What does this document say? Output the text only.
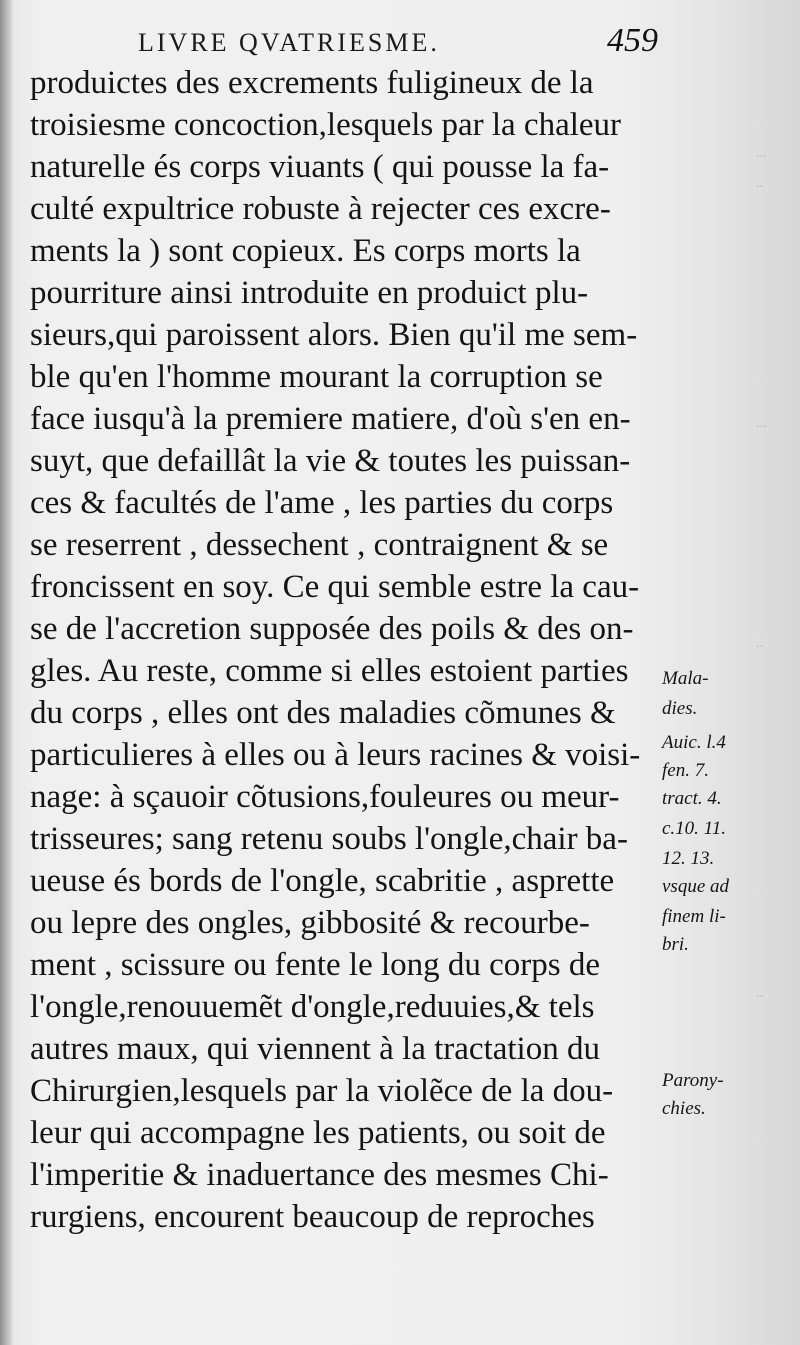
···
··
···
··
··
LIVRE QVATRIESME.	459
produictes des excrements fuligineux de la
troisiesme concoction,lesquels par la chaleur
naturelle és corps viuants ( qui pousse la fa-
culté expultrice robuste à rejecter ces excre-
ments la ) sont copieux. Es corps morts la
pourriture ainsi introduite en produict plu-
sieurs,qui paroissent alors. Bien qu'il me sem-
ble qu'en l'homme mourant la corruption se
face iusqu'à la premiere matiere, d'où s'en en-
suyt, que defaillât la vie & toutes les puissan-
ces & facultés de l'ame , les parties du corps
se reserrent , dessechent , contraignent & se
froncissent en soy. Ce qui semble estre la cau-
se de l'accretion supposée des poils & des on-
gles. Au reste, comme si elles estoient parties
du corps , elles ont des maladies cõmunes &
particulieres à elles ou à leurs racines & voisi-
nage: à sçauoir cõtusions,fouleures ou meur-
trisseures; sang retenu soubs l'ongle,chair ba-
ueuse és bords de l'ongle, scabritie , asprette
ou lepre des ongles, gibbosité & recourbe-
ment , scissure ou fente le long du corps de
l'ongle,renouuemẽt d'ongle,reduuies,& tels
autres maux, qui viennent à la tractation du
Chirurgien,lesquels par la violẽce de la dou-
leur qui accompagne les patients, ou soit de
l'imperitie & inaduertance des mesmes Chi-
rurgiens, encourent beaucoup de reproches
Mala-
dies.
Auic. l.4
fen. 7.
tract. 4.
c.10. 11.
12. 13.
vsque ad
finem li-
bri.
Parony-
chies.
